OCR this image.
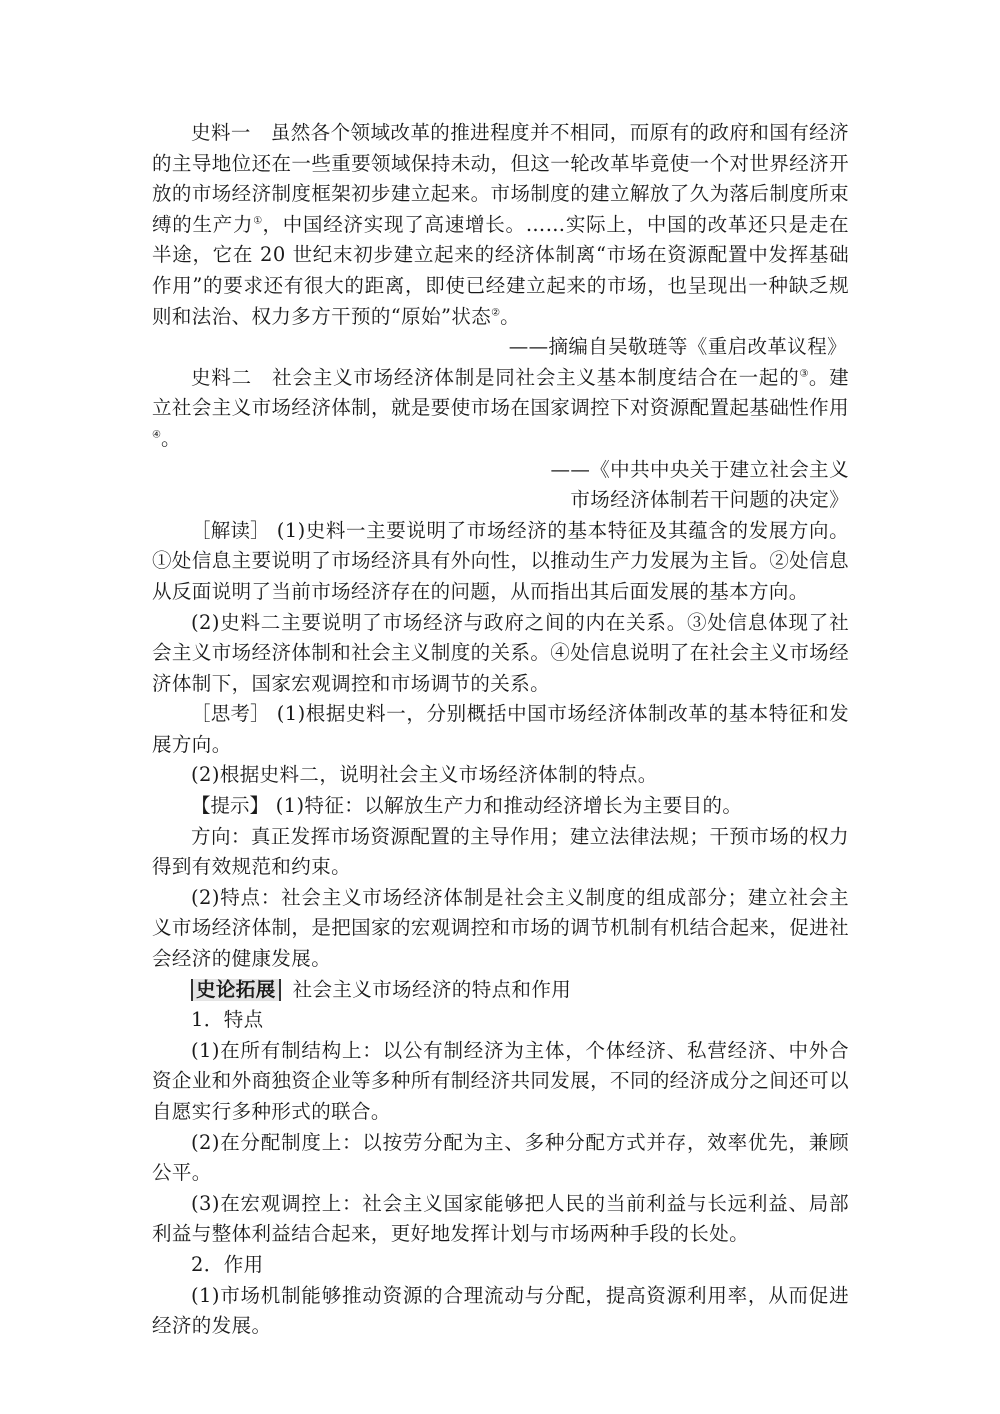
史料一　 虽然各个领域改革的推进程度并不相同，而原有的政府和国有经济的主导地位还在一些重要领域保持未动，但这一轮改革毕竟使一个对世界经济开放的市场经济制度框架初步建立起来。市场制度的建立解放了久为落后制度所束缚的生产力①，中国经济实现了高速增长。……实际上，中国的改革还只是走在半途，它在 20 世纪末初步建立起来的经济体制离“市场在资源配置中发挥基础作用”的要求还有很大的距离，即使已经建立起来的市场，也呈现出一种缺乏规则和法治、权力多方干预的“原始”状态②。

——摘编自吴敬琏等《重启改革议程》

史料二　 社会主义市场经济体制是同社会主义基本制度结合在一起的③。建立社会主义市场经济体制，就是要使市场在国家调控下对资源配置起基础性作用④。

——《中共中央关于建立社会主义

市场经济体制若干问题的决定》

［解读］ (1)史料一主要说明了市场经济的基本特征及其蕴含的发展方向。①处信息主要说明了市场经济具有外向性，以推动生产力发展为主旨。②处信息从反面说明了当前市场经济存在的问题，从而指出其后面发展的基本方向。

(2)史料二主要说明了市场经济与政府之间的内在关系。③处信息体现了社会主义市场经济体制和社会主义制度的关系。④处信息说明了在社会主义市场经济体制下，国家宏观调控和市场调节的关系。

［思考］ (1)根据史料一，分别概括中国市场经济体制改革的基本特征和发展方向。

(2)根据史料二，说明社会主义市场经济体制的特点。

【提示】 (1)特征：以解放生产力和推动经济增长为主要目的。

方向：真正发挥市场资源配置的主导作用；建立法律法规；干预市场的权力得到有效规范和约束。

(2)特点：社会主义市场经济体制是社会主义制度的组成部分；建立社会主义市场经济体制，是把国家的宏观调控和市场的调节机制有机结合起来，促进社会经济的健康发展。

史论拓展 社会主义市场经济的特点和作用

1．特点

(1)在所有制结构上：以公有制经济为主体，个体经济、私营经济、中外合资企业和外商独资企业等多种所有制经济共同发展，不同的经济成分之间还可以自愿实行多种形式的联合。

(2)在分配制度上：以按劳分配为主、多种分配方式并存，效率优先，兼顾公平。

(3)在宏观调控上：社会主义国家能够把人民的当前利益与长远利益、局部利益与整体利益结合起来，更好地发挥计划与市场两种手段的长处。

2．作用

(1)市场机制能够推动资源的合理流动与分配，提高资源利用率，从而促进经济的发展。
